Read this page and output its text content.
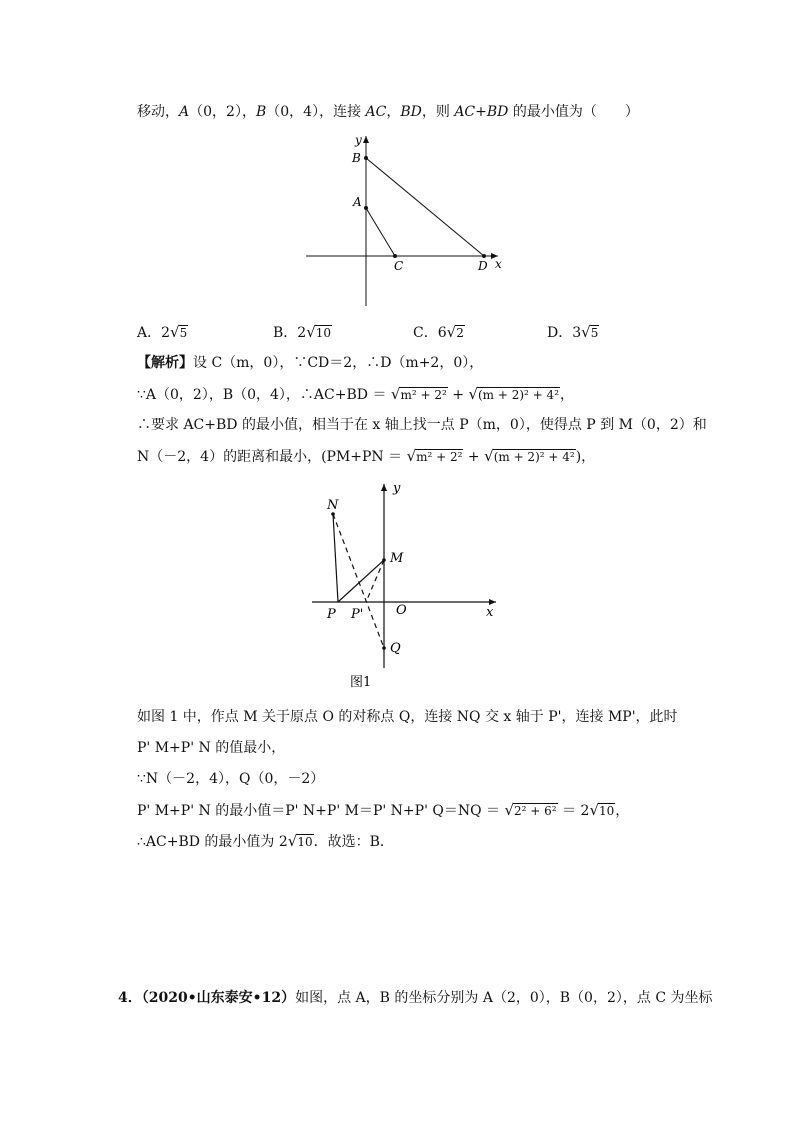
移动，A（0，2），B（0，4），连接 AC，BD，则 AC+BD 的最小值为（　　）
y
B
A
C	D x
A．2√5	B．2√10	C．6√2	D．3√5
【解析】设 C（m，0），∵CD＝2，∴D（m+2，0），
∵A（0，2），B（0，4），∴AC+BD ＝ √m² + 2² + √(m + 2)² + 4²，
∴要求 AC+BD 的最小值，相当于在 x 轴上找一点 P（m，0），使得点 P 到 M（0，2）和
N（－2，4）的距离和最小，(PM+PN ＝ √m² + 2² + √(m + 2)² + 4²)，
N
y
M
P P'	O	x
Q
图1
如图 1 中，作点 M 关于原点 O 的对称点 Q，连接 NQ 交 x 轴于 P'，连接 MP'，此时
P' M+P' N 的值最小，
∵N（－2，4），Q（0，－2）
P' M+P' N 的最小值＝P' N+P' M＝P' N+P' Q＝NQ ＝ √2² + 6² ＝ 2√10，
∴AC+BD 的最小值为 2√10．故选：B．
4．（2020•山东泰安•12）如图，点 A，B 的坐标分别为 A（2，0），B（0，2），点 C 为坐标
